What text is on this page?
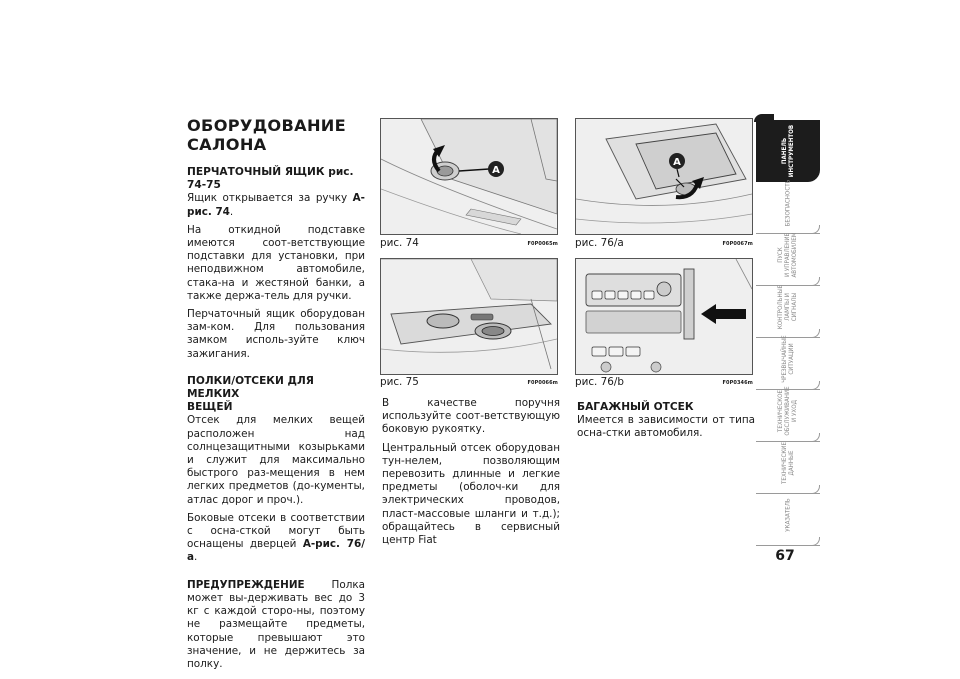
ОБОРУДОВАНИЕ
САЛОНА
ПЕРЧАТОЧНЫЙ ЯЩИК рис. 74-75

Ящик открывается за ручку А-рис. 74.

На откидной подставке имеются соот-ветствующие подставки для установки, при неподвижном автомобиле, стака-на и жестяной банки, а также держа-тель для ручки.

Перчаточный ящик оборудован зам-ком. Для пользования замком исполь-зуйте ключ зажигания.

ПОЛКИ/ОТСЕКИ ДЛЯ МЕЛКИХ
ВЕЩЕЙ

Отсек для мелких вещей расположен над солнцезащитными козырьками и служит для максимально быстрого раз-мещения в нем легких предметов (до-кументы, атлас дорог и проч.).

Боковые отсеки в соответствии с осна-сткой могут быть оснащены дверцей А-рис. 76/а.

ПРЕДУПРЕЖДЕНИЕ Полка может вы-держивать вес до 3 кг с каждой сторо-ны, поэтому не размещайте предметы, которые превышают это значение, и не держитесь за полку.

A
рис. 74	F0P0065m
рис. 75	F0P0066m

В качестве поручня используйте соот-ветствующую боковую рукоятку.

Центральный отсек оборудован тун-нелем, позволяющим перевозить длинные и легкие предметы (оболоч-ки для электрических проводов, пласт-массовые шланги и т.д.); обращайтесь в сервисный центр Fiat

A
рис. 76/а	F0P0067m
рис. 76/b	F0P0346m
БАГАЖНЫЙ ОТСЕК

Имеется в зависимости от типа осна-стки автомобиля.

ПАНЕЛЬ
ИНСТРУМЕНТОВ
БЕЗОПАСНОСТЬ
ПУСК
И УПРАВЛЕНИЕ
АВТОМОБИЛЕМ
КОНТРОЛЬНЫЕ
ЛАМПЫ И
СИГНАЛЫ
ЧРЕЗВЫЧАЙНЫЕ
СИТУАЦИИ
ТЕХНИЧЕСКОЕ
ОБСЛУЖИВАНИЕ
И УХОД
ТЕХНИЧЕСКИЕ
ДАННЫЕ
УКАЗАТЕЛЬ
67
